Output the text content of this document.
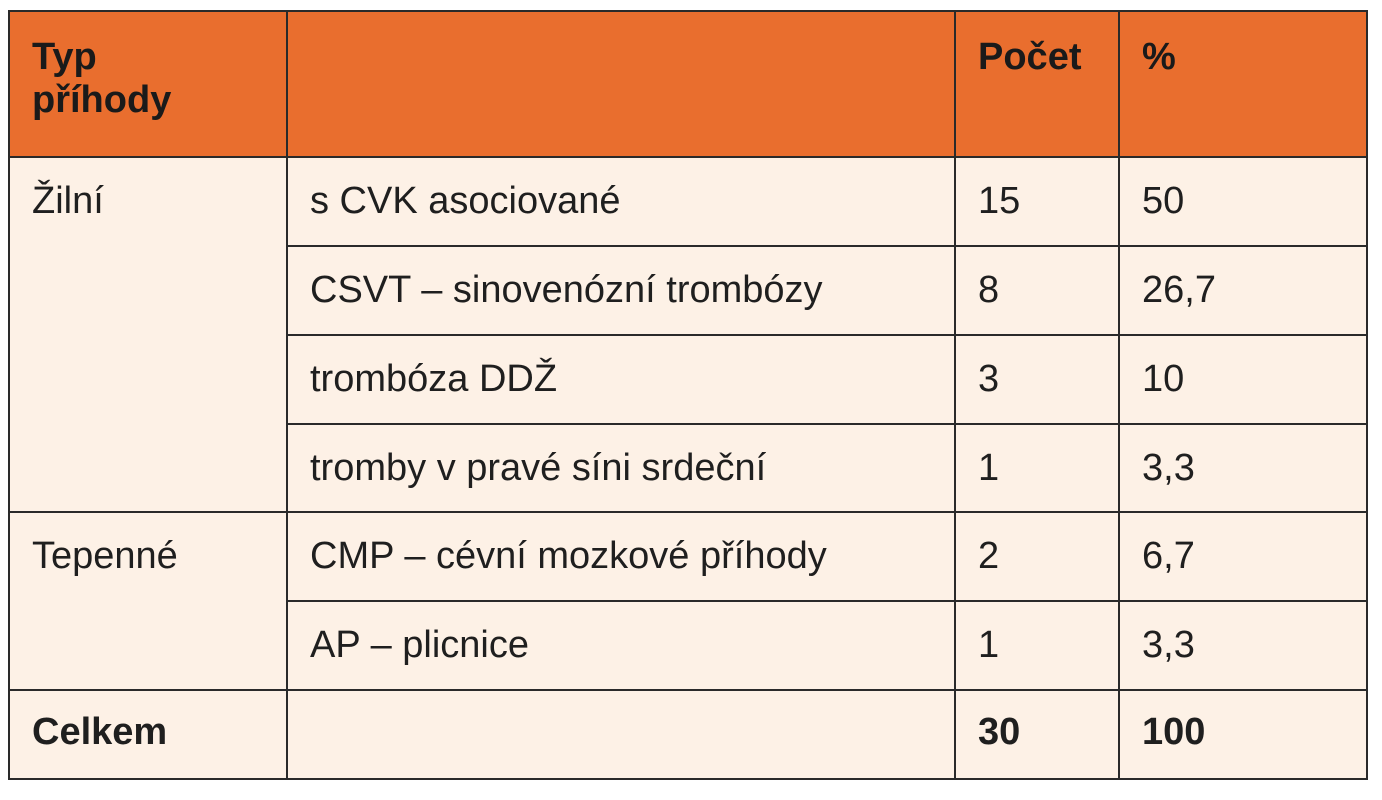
Typ
příhody		Počet	%
Žilní	s CVK asociované	15	50
	CSVT – sinovenózní trombózy	8	26,7
	trombóza DDŽ	3	10
	tromby v pravé síni srdeční	1	3,3
Tepenné	CMP – cévní mozkové příhody	2	6,7
	AP – plicnice	1	3,3
Celkem		30	100
